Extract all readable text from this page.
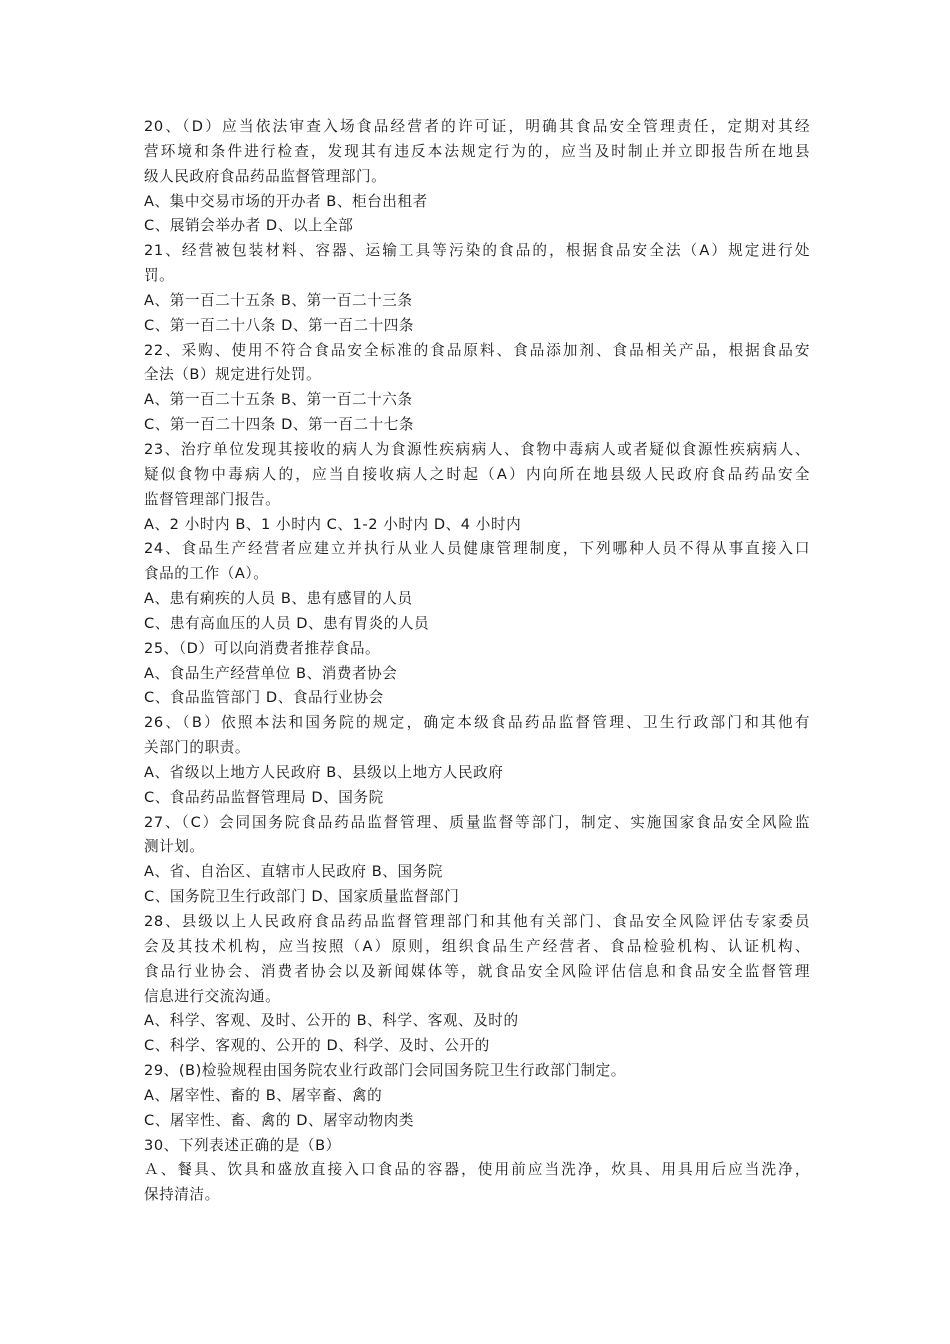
20、（D）应当依法审查入场食品经营者的许可证，明确其食品安全管理责任，定期对其经
营环境和条件进行检查，发现其有违反本法规定行为的，应当及时制止并立即报告所在地县
级人民政府食品药品监督管理部门。
A、集中交易市场的开办者 B、柜台出租者
C、展销会举办者 D、以上全部
21、经营被包装材料、容器、运输工具等污染的食品的，根据食品安全法（A）规定进行处
罚。
A、第一百二十五条 B、第一百二十三条
C、第一百二十八条 D、第一百二十四条
22、采购、使用不符合食品安全标准的食品原料、食品添加剂、食品相关产品，根据食品安
全法（B）规定进行处罚。
A、第一百二十五条 B、第一百二十六条
C、第一百二十四条 D、第一百二十七条
23、治疗单位发现其接收的病人为食源性疾病病人、食物中毒病人或者疑似食源性疾病病人、
疑似食物中毒病人的，应当自接收病人之时起（A）内向所在地县级人民政府食品药品安全
监督管理部门报告。
A、2 小时内 B、1 小时内 C、1-2 小时内 D、4 小时内
24、食品生产经营者应建立并执行从业人员健康管理制度，下列哪种人员不得从事直接入口
食品的工作（A）。
A、患有痢疾的人员 B、患有感冒的人员
C、患有高血压的人员 D、患有胃炎的人员
25、（D）可以向消费者推荐食品。
A、食品生产经营单位 B、消费者协会
C、食品监管部门 D、食品行业协会
26、（B）依照本法和国务院的规定，确定本级食品药品监督管理、卫生行政部门和其他有
关部门的职责。
A、省级以上地方人民政府 B、县级以上地方人民政府
C、食品药品监督管理局 D、国务院
27、（C）会同国务院食品药品监督管理、质量监督等部门，制定、实施国家食品安全风险监
测计划。
A、省、自治区、直辖市人民政府 B、国务院
C、国务院卫生行政部门 D、国家质量监督部门
28、县级以上人民政府食品药品监督管理部门和其他有关部门、食品安全风险评估专家委员
会及其技术机构，应当按照（A）原则，组织食品生产经营者、食品检验机构、认证机构、
食品行业协会、消费者协会以及新闻媒体等，就食品安全风险评估信息和食品安全监督管理
信息进行交流沟通。
A、科学、客观、及时、公开的 B、科学、客观、及时的
C、科学、客观的、公开的 D、科学、及时、公开的
29、(B)检验规程由国务院农业行政部门会同国务院卫生行政部门制定。
A、屠宰性、畜的 B、屠宰畜、禽的
C、屠宰性、畜、禽的 D、屠宰动物肉类
30、下列表述正确的是（B）
Ａ、餐具、饮具和盛放直接入口食品的容器，使用前应当洗净，炊具、用具用后应当洗净，
保持清洁。
